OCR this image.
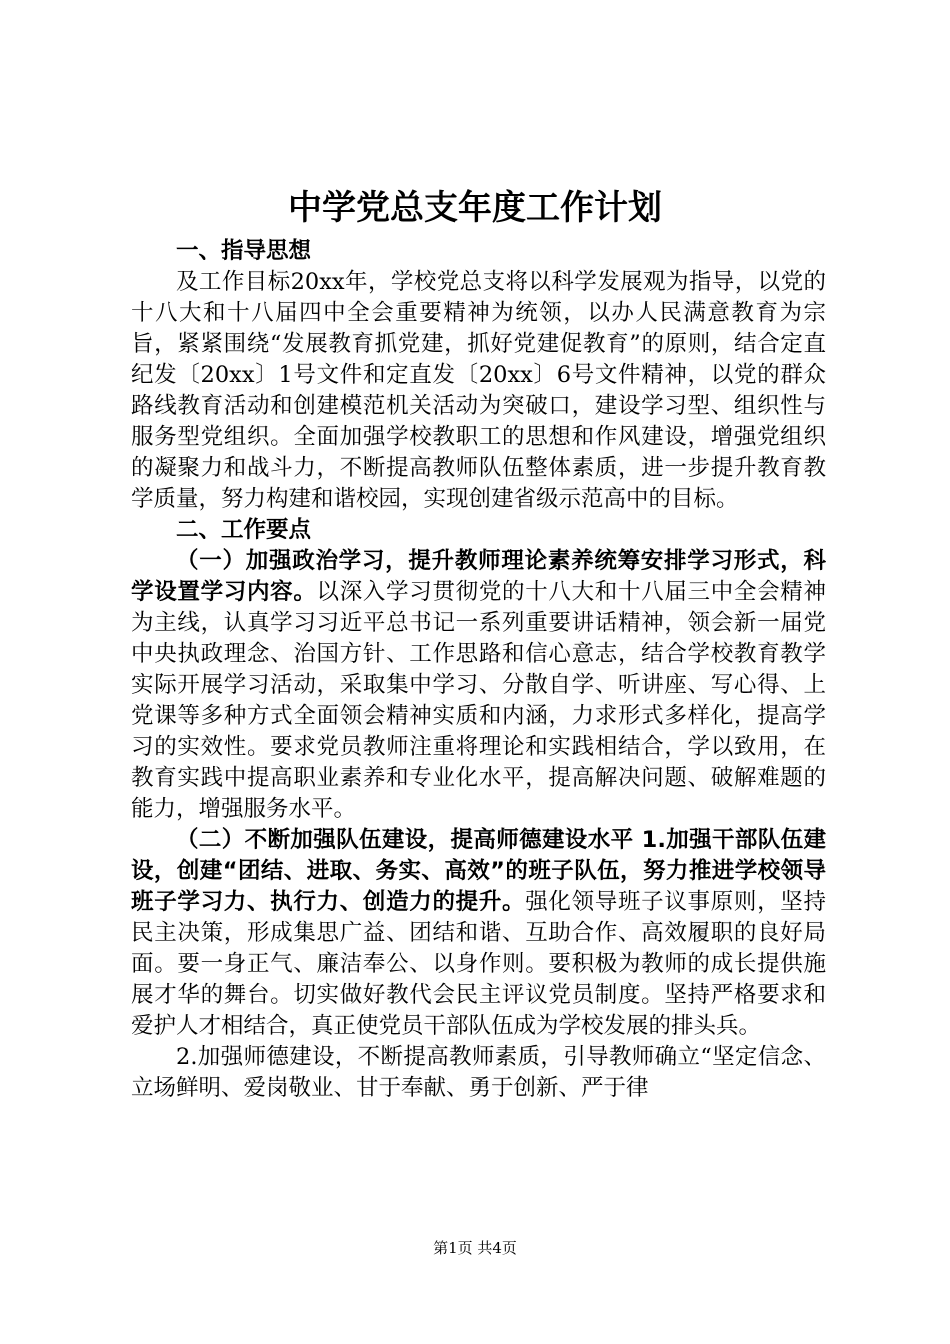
中学党总支年度工作计划

一、指导思想

及工作目标20xx年，学校党总支将以科学发展观为指导，以党的十八大和十八届四中全会重要精神为统领，以办人民满意教育为宗旨，紧紧围绕“发展教育抓党建，抓好党建促教育”的原则，结合定直纪发〔20xx〕1号文件和定直发〔20xx〕6号文件精神，以党的群众路线教育活动和创建模范机关活动为突破口，建设学习型、组织性与服务型党组织。全面加强学校教职工的思想和作风建设，增强党组织的凝聚力和战斗力，不断提高教师队伍整体素质，进一步提升教育教学质量，努力构建和谐校园，实现创建省级示范高中的目标。

二、工作要点

（一）加强政治学习，提升教师理论素养统筹安排学习形式，科学设置学习内容。以深入学习贯彻党的十八大和十八届三中全会精神为主线，认真学习习近平总书记一系列重要讲话精神，领会新一届党中央执政理念、治国方针、工作思路和信心意志，结合学校教育教学实际开展学习活动，采取集中学习、分散自学、听讲座、写心得、上党课等多种方式全面领会精神实质和内涵，力求形式多样化，提高学习的实效性。要求党员教师注重将理论和实践相结合，学以致用，在教育实践中提高职业素养和专业化水平，提高解决问题、破解难题的能力，增强服务水平。

（二）不断加强队伍建设，提高师德建设水平 1.加强干部队伍建设，创建“团结、进取、务实、高效”的班子队伍，努力推进学校领导班子学习力、执行力、创造力的提升。强化领导班子议事原则，坚持民主决策，形成集思广益、团结和谐、互助合作、高效履职的良好局面。要一身正气、廉洁奉公、以身作则。要积极为教师的成长提供施展才华的舞台。切实做好教代会民主评议党员制度。坚持严格要求和爱护人才相结合，真正使党员干部队伍成为学校发展的排头兵。

2.加强师德建设，不断提高教师素质，引导教师确立“坚定信念、立场鲜明、爱岗敬业、甘于奉献、勇于创新、严于律

第1页 共4页
